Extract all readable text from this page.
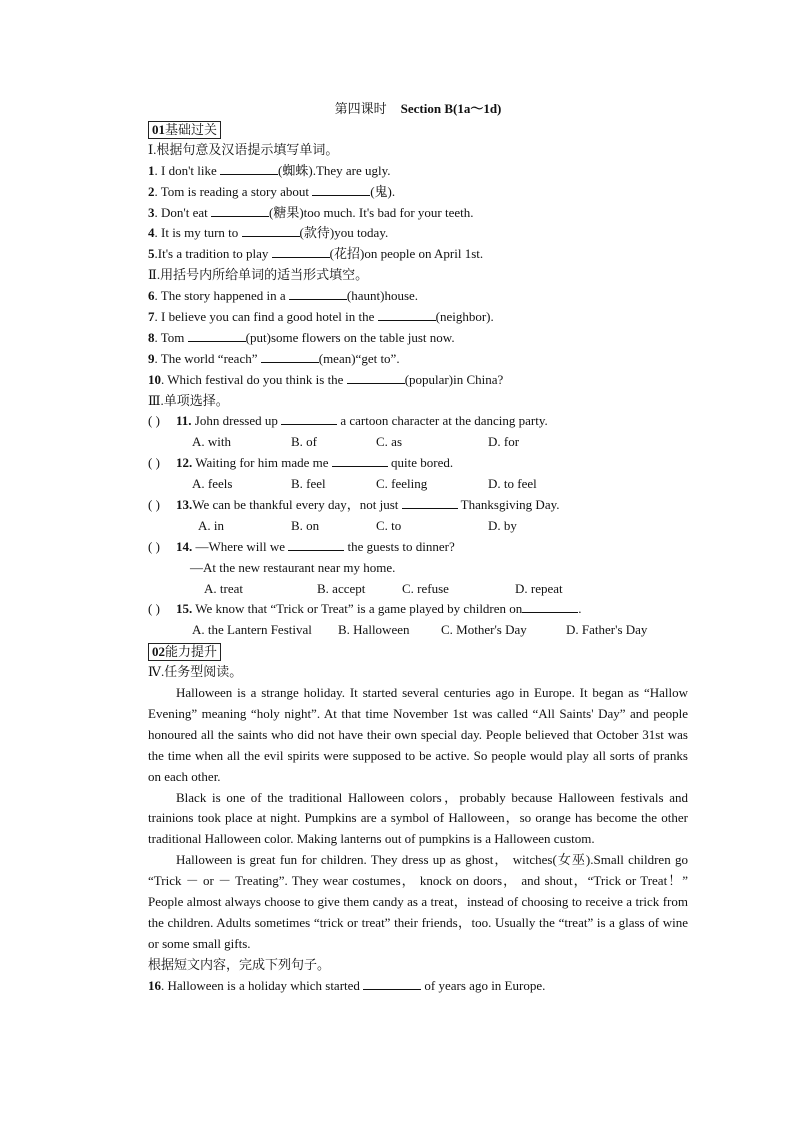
第四课时 Section B(1a～1d)
01基础过关
Ⅰ.根据句意及汉语提示填写单词。
1. I don't like	(蜘蛛).They are ugly.
2. Tom is reading a story about	(鬼).
3. Don't eat	(糖果)too much. It's bad for your teeth.
4. It is my turn to	(款待)you today.
5.It's a tradition to play	(花招)on people on April 1st.
Ⅱ.用括号内所给单词的适当形式填空。
6. The story happened in a	(haunt)house.
7. I believe you can find a good hotel in the	(neighbor).
8. Tom	(put)some flowers on the table just now.
9. The world “reach”	(mean)“get to”.
10. Which festival do you think is the	(popular)in China?
Ⅲ.单项选择。
( ) 11. John dressed up	a cartoon character at the dancing party.
A. with	B. of	C. as	D. for
( ) 12. Waiting for him made me	quite bored.
A. feels	B. feel	C. feeling	D. to feel
( ) 13.We can be thankful every day，not just	Thanksgiving Day.
A. in	B. on	C. to	D. by
( ) 14. —Where will we	the guests to dinner?
—At the new restaurant near my home.
A. treat	B. accept	C. refuse	D. repeat
( ) 15. We know that “Trick or Treat” is a game played by children on	.
A. the Lantern Festival B. Halloween C. Mother's Day	D. Father's Day
02能力提升
Ⅳ.任务型阅读。
Halloween is a strange holiday. It started several centuries ago in Europe. It began as “Hallow Evening” meaning “holy night”. At that time November 1st was called “All Saints' Day” and people honoured all the saints who did not have their own special day. People believed that October 31st was the time when all the evil spirits were supposed to be active. So people would play all sorts of pranks on each other.
Black is one of the traditional Halloween colors，probably because Halloween festivals and trainions took place at night. Pumpkins are a symbol of Halloween，so orange has become the other traditional Halloween color. Making lanterns out of pumpkins is a Halloween custom.
Halloween is great fun for children. They dress up as ghost， witches(女巫).Small children go “Trick － or － Treating”. They wear costumes， knock on doors， and shout，“Trick or Treat！” People almost always choose to give them candy as a treat，instead of choosing to receive a trick from the children. Adults sometimes “trick or treat” their friends，too. Usually the “treat” is a glass of wine or some small gifts.
根据短文内容，完成下列句子。
16. Halloween is a holiday which started	of years ago in Europe.
